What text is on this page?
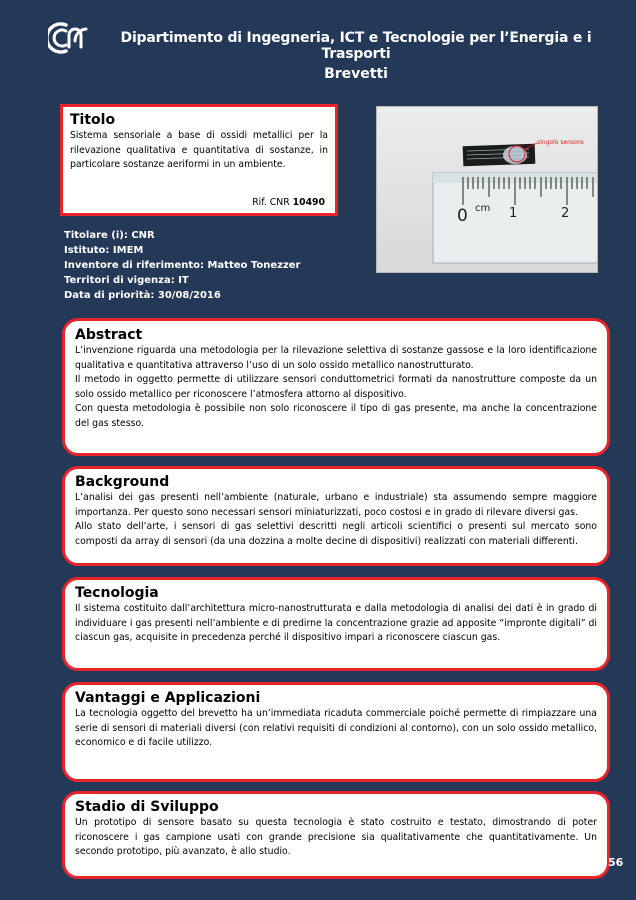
Dipartimento di Ingegneria, ICT e Tecnologie per l’Energia e i Trasporti
Brevetti
Titolo

Sistema sensoriale a base di ossidi metallici per la rilevazione qualitativa e quantitativa di sostanze, in particolare sostanze aeriformi in un ambiente.

Rif. CNR 10490
0 cm 1	2
singolo sensore
Titolare (i): CNR
Istituto: IMEM
Inventore di riferimento: Matteo Tonezzer
Territori di vigenza: IT
Data di priorità: 30/08/2016
Abstract

L’invenzione riguarda una metodologia per la rilevazione selettiva di sostanze gassose e la loro identificazione qualitativa e quantitativa attraverso l’uso di un solo ossido metallico nanostrutturato.

Il metodo in oggetto permette di utilizzare sensori conduttometrici formati da nanostrutture composte da un solo ossido metallico per riconoscere l’atmosfera attorno al dispositivo.

Con questa metodologia è possibile non solo riconoscere il tipo di gas presente, ma anche la concentrazione del gas stesso.

Background

L’analisi dei gas presenti nell’ambiente (naturale, urbano e industriale) sta assumendo sempre maggiore importanza. Per questo sono necessari sensori miniaturizzati, poco costosi e in grado di rilevare diversi gas.

Allo stato dell’arte, i sensori di gas selettivi descritti negli articoli scientifici o presenti sul mercato sono composti da array di sensori (da una dozzina a molte decine di dispositivi) realizzati con materiali differenti.

Tecnologia

Il sistema costituito dall’architettura micro-nanostrutturata e dalla metodologia di analisi dei dati è in grado di individuare i gas presenti nell’ambiente e di predirne la concentrazione grazie ad apposite “impronte digitali” di ciascun gas, acquisite in precedenza perché il dispositivo impari a riconoscere ciascun gas.

Vantaggi e Applicazioni

La tecnologia oggetto del brevetto ha un’immediata ricaduta commerciale poiché permette di rimpiazzare una serie di sensori di materiali diversi (con relativi requisiti di condizioni al contorno), con un solo ossido metallico, economico e di facile utilizzo.

Stadio di Sviluppo

Un prototipo di sensore basato su questa tecnologia è stato costruito e testato, dimostrando di poter riconoscere i gas campione usati con grande precisione sia qualitativamente che quantitativamente. Un secondo prototipo, più avanzato, è allo studio.

56
